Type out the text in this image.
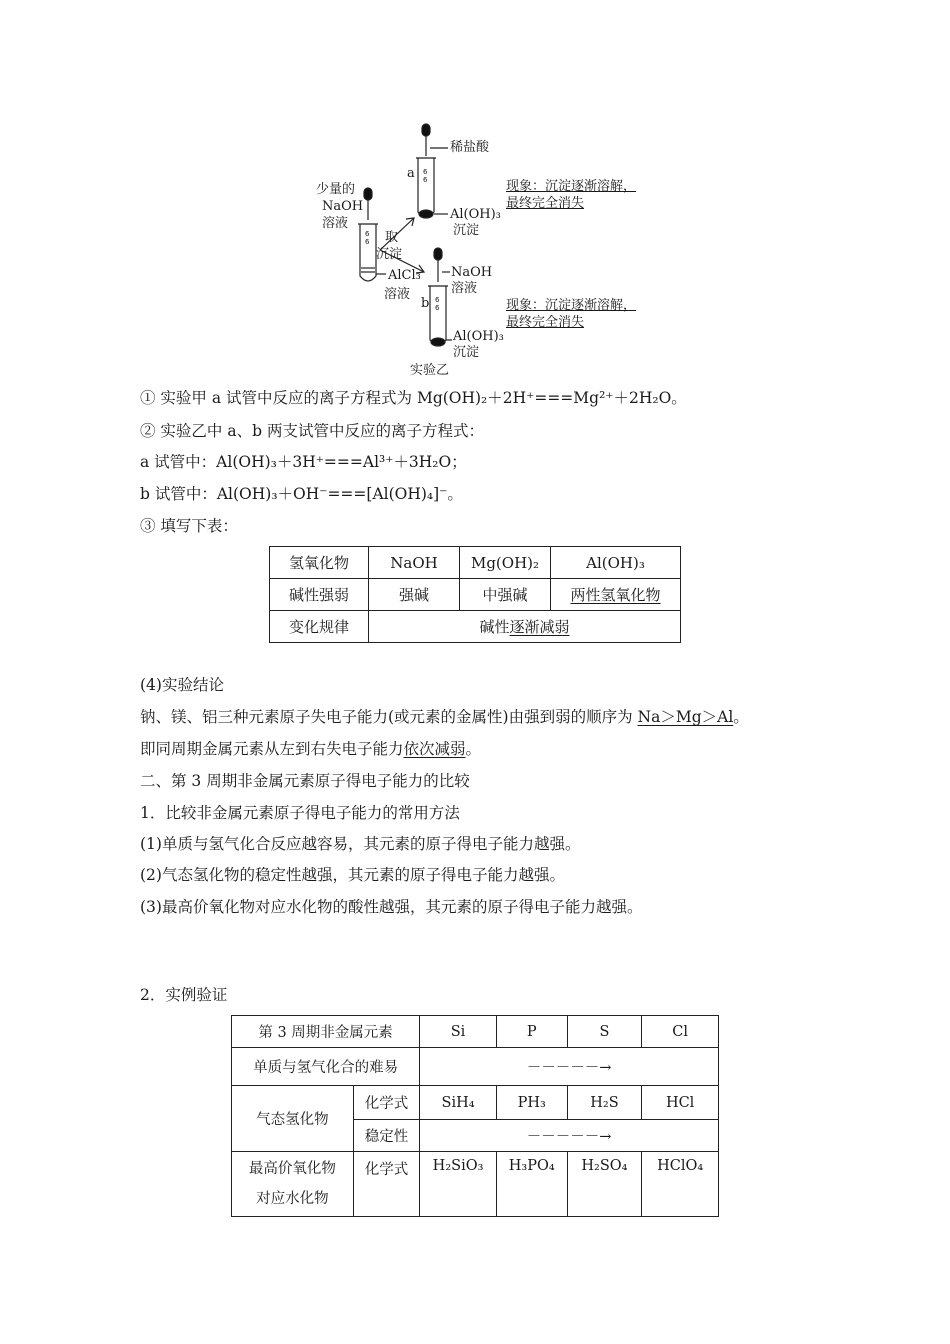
6
6
6
6
6
6
稀盐酸
a
少量的
NaOH
溶液
Al(OH)₃
沉淀
取
沉淀
AlCl₃
溶液
NaOH
溶液
b
Al(OH)₃
沉淀
现象：沉淀逐渐溶解，
最终完全消失
现象：沉淀逐渐溶解，
最终完全消失
实验乙
① 实验甲 a 试管中反应的离子方程式为 Mg(OH)₂＋2H⁺===Mg²⁺＋2H₂O。
② 实验乙中 a、b 两支试管中反应的离子方程式：
a 试管中：Al(OH)₃＋3H⁺===Al³⁺＋3H₂O；
b 试管中：Al(OH)₃＋OH⁻===[Al(OH)₄]⁻。
③ 填写下表：
氢氧化物	NaOH	Mg(OH)₂	Al(OH)₃
碱性强弱	强碱	中强碱	两性氢氧化物
变化规律	碱性逐渐减弱		
(4)实验结论
钠、镁、铝三种元素原子失电子能力(或元素的金属性)由强到弱的顺序为 Na＞Mg＞Al。
即同周期金属元素从左到右失电子能力依次减弱。
二、第 3 周期非金属元素原子得电子能力的比较
1．比较非金属元素原子得电子能力的常用方法
(1)单质与氢气化合反应越容易，其元素的原子得电子能力越强。
(2)气态氢化物的稳定性越强，其元素的原子得电子能力越强。
(3)最高价氧化物对应水化物的酸性越强，其元素的原子得电子能力越强。
2．实例验证
第 3 周期非金属元素		Si	P	S	Cl
单质与氢气化合的难易		－－－－－→			
气态氢化物	化学式	SiH₄	PH₃	H₂S	HCl
	稳定性	－－－－－→			
最高价氧化物
对应水化物	化学式	H₂SiO₃	H₃PO₄	H₂SO₄	HClO₄
